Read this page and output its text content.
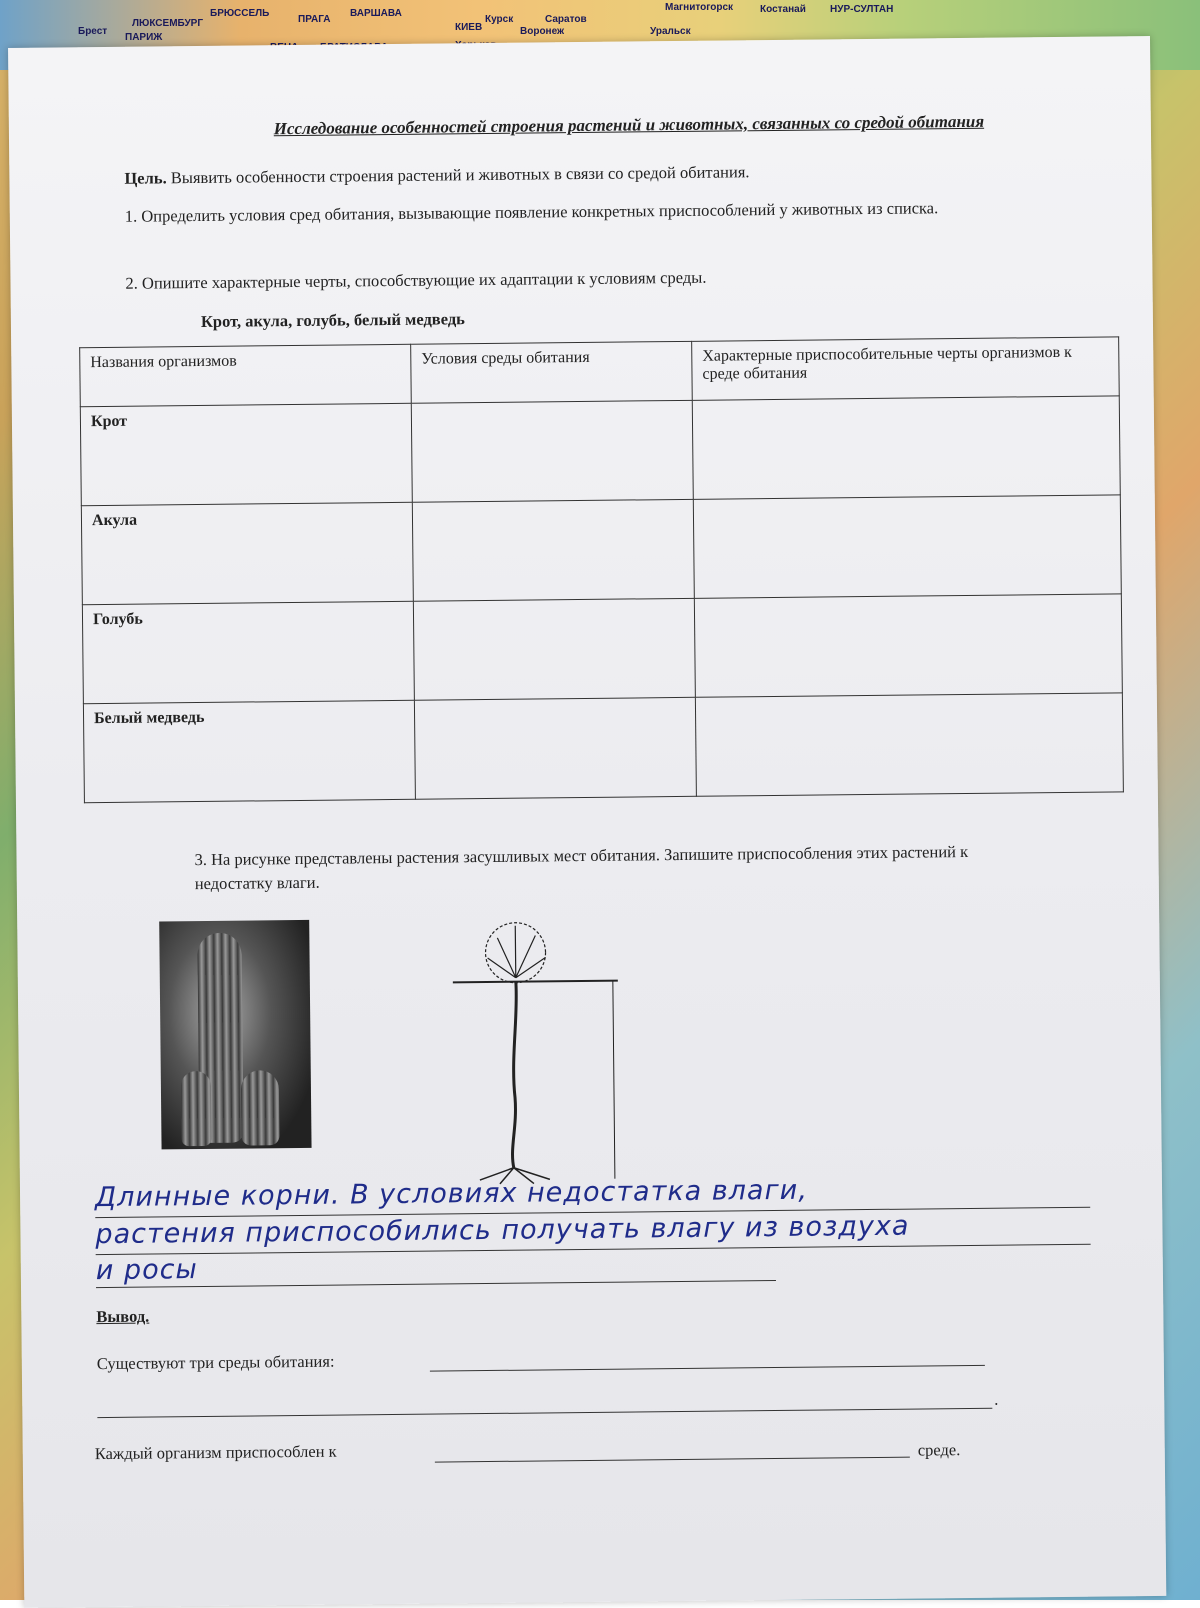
БРЮССЕЛЬ
ПРАГА
ВАРШАВА
ЛЮКСЕМБУРГ
ПАРИЖ
КИЕВ
Саратов
Воронеж
Курск
Брест
Магнитогорск	НУР-СУЛТАН
Костанай
Уральск
Исследование особенностей строения растений и животных, связанных со средой обитания
Цель. Выявить особенности строения растений и животных в связи со средой обитания.
1. Определить условия сред обитания, вызывающие появление конкретных приспособлений у животных из списка.
2. Опишите характерные черты, способствующие их адаптации к условиям среды.
Крот, акула, голубь, белый медведь
Названия организмов	Условия среды обитания	Характерные приспособительные черты организмов к среде обитания
Крот		
Акула		
Голубь		
Белый медведь		
3. На рисунке представлены растения засушливых мест обитания. Запишите приспособления этих растений к недостатку влаги.
Длинные корни. В условиях недостатка влаги,
растения приспособились получать влагу из воздуха
и росы
Вывод.
Существуют три среды обитания:
.
Каждый организм приспособлен к	среде.
